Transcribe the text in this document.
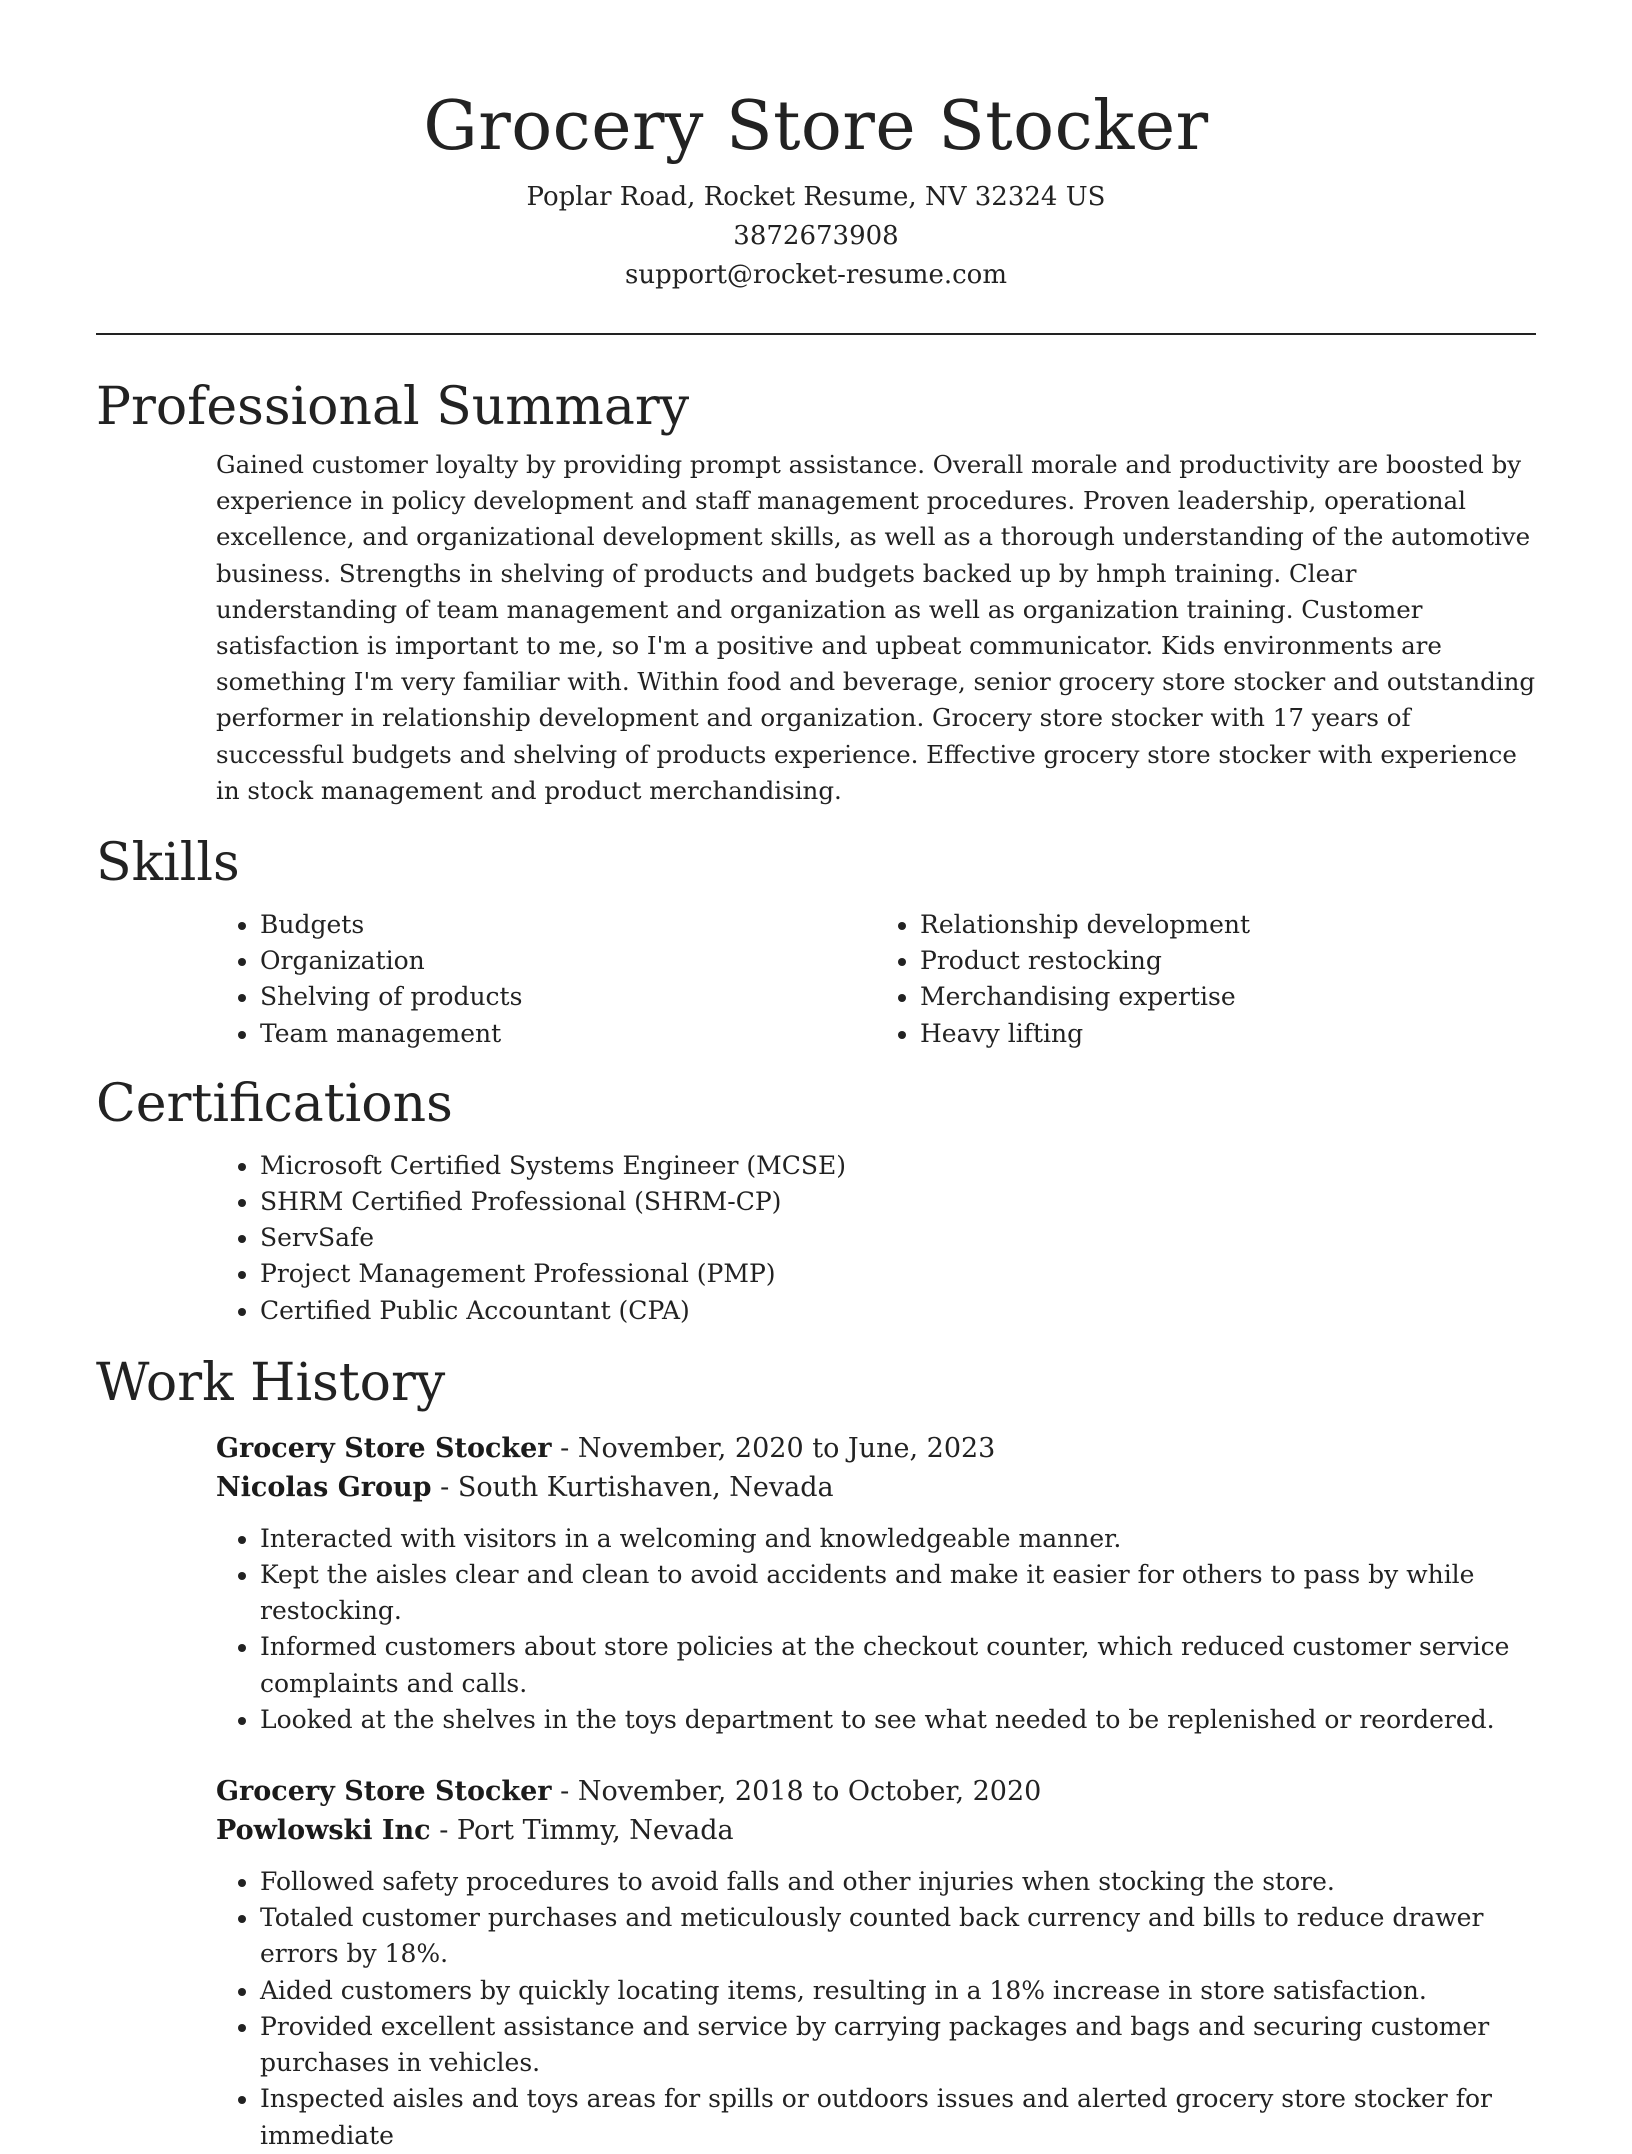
Grocery Store Stocker
Poplar Road, Rocket Resume, NV 32324 US
3872673908
support@rocket-resume.com
Professional Summary

Gained customer loyalty by providing prompt assistance. Overall morale and productivity are boosted by experience in policy development and staff management procedures. Proven leadership, operational excellence, and organizational development skills, as well as a thorough understanding of the automotive business. Strengths in shelving of products and budgets backed up by hmph training. Clear understanding of team management and organization as well as organization training. Customer satisfaction is important to me, so I'm a positive and upbeat communicator. Kids environments are something I'm very familiar with. Within food and beverage, senior grocery store stocker and outstanding performer in relationship development and organization. Grocery store stocker with 17 years of successful budgets and shelving of products experience. Effective grocery store stocker with experience in stock management and product merchandising.

Skills
• Budgets
• Organization
• Shelving of products
• Team management
• Relationship development
• Product restocking
• Merchandising expertise
• Heavy lifting
Certifications
• Microsoft Certified Systems Engineer (MCSE)
• SHRM Certified Professional (SHRM-CP)
• ServSafe
• Project Management Professional (PMP)
• Certified Public Accountant (CPA)
Work History
Grocery Store Stocker - November, 2020 to June, 2023
Nicolas Group - South Kurtishaven, Nevada
• Interacted with visitors in a welcoming and knowledgeable manner.
• Kept the aisles clear and clean to avoid accidents and make it easier for others to pass by while restocking.
• Informed customers about store policies at the checkout counter, which reduced customer service complaints and calls.
• Looked at the shelves in the toys department to see what needed to be replenished or reordered.
Grocery Store Stocker - November, 2018 to October, 2020
Powlowski Inc - Port Timmy, Nevada
• Followed safety procedures to avoid falls and other injuries when stocking the store.
• Totaled customer purchases and meticulously counted back currency and bills to reduce drawer errors by 18%.
• Aided customers by quickly locating items, resulting in a 18% increase in store satisfaction.
• Provided excellent assistance and service by carrying packages and bags and securing customer purchases in vehicles.
• Inspected aisles and toys areas for spills or outdoors issues and alerted grocery store stocker for immediate
